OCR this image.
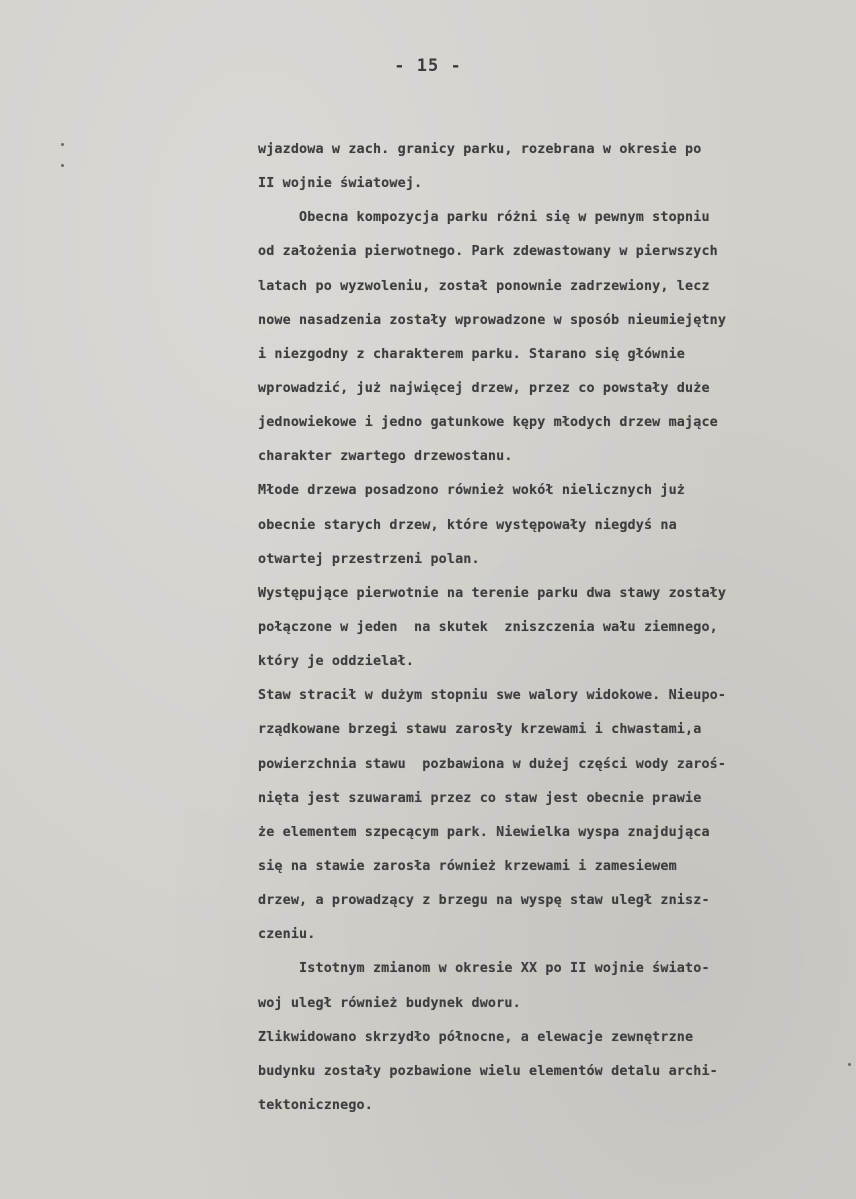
- 15 -
wjazdowa w zach. granicy parku, rozebrana w okresie po
II wojnie światowej.
Obecna kompozycja parku różni się w pewnym stopniu
od założenia pierwotnego. Park zdewastowany w pierwszych
latach po wyzwoleniu, został ponownie zadrzewiony, lecz
nowe nasadzenia zostały wprowadzone w sposób nieumiejętny
i niezgodny z charakterem parku. Starano się głównie
wprowadzić, już najwięcej drzew, przez co powstały duże
jednowiekowe i jedno gatunkowe kępy młodych drzew mające
charakter zwartego drzewostanu.
Młode drzewa posadzono również wokół nielicznych już
obecnie starych drzew, które występowały niegdyś na
otwartej przestrzeni polan.
Występujące pierwotnie na terenie parku dwa stawy zostały
połączone w jeden  na skutek  zniszczenia wału ziemnego,
który je oddzielał.
Staw stracił w dużym stopniu swe walory widokowe. Nieupo-
rządkowane brzegi stawu zarosły krzewami i chwastami,a
powierzchnia stawu  pozbawiona w dużej części wody zaroś-
nięta jest szuwarami przez co staw jest obecnie prawie
że elementem szpecącym park. Niewielka wyspa znajdująca
się na stawie zarosła również krzewami i zamesiewem
drzew, a prowadzący z brzegu na wyspę staw uległ znisz-
czeniu.
Istotnym zmianom w okresie XX po II wojnie świato-
woj uległ również budynek dworu.
Zlikwidowano skrzydło północne, a elewacje zewnętrzne
budynku zostały pozbawione wielu elementów detalu archi-
tektonicznego.
